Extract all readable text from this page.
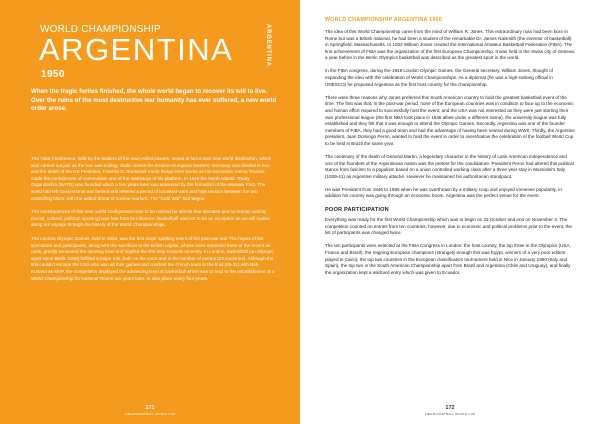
WORLD CHAMPIONSHIP
ARGENTINA
1950
ARGENTINA
When the tragic forties finished, the whole world began to recover its will to live. Over the ruins of the most destructive war humanity has ever suffered, a new world order arose.

The Yalta Conference, held by the leaders of the main Allied powers, meant in fact a tacit new world distribution, which was carried out just as the war was ending. Stalin closed the Eastern European borders; Germany was divided in two; and the death of the US President, Franklin D. Roosevelt made things even worse as his successor, Henry Truman made the containment of communism one of the mainstays of his platform. In 1949 the North Atlantic Treaty Organization (NATO) was founded which a few years later was answered by the formation of the Warsaw Pact. The world had left conventional war behind and entered a period of localised wars and high tension between the two controlling blocs, with the added threat of nuclear warfare. The "Cold War" had begun.

The consequences of this new, world configuration was to be noticed for almost four decades and no human activity (social, cultural, political, sporting) was free from its influence. Basketball was not to be an exception as we will realise along our voyage through the history of the World Championships.

The London Olympic Games, held in 1948, was the first major sporting event of the post-war era. The hopes of the spectators and participants, along with the sacrifices in the British capital, whose ruins reminded them of the recent air raids, greatly exceeded the sporting level and implied the first step towards recovery. In London, basketball (an Olympic sport since Berlin 1936) fulfilled a major role, both on the court and in the number of entries (23 countries). Although the title couldn't escape the USA who won all their games and crushed the French team in the final (65-21) with Bob Kurland as MVP, the competition displayed the advancing level of basketball which was to lead to the establishment of a World Championship for National Teams two years later, to take place every four years.

171
FIBA BASKETBALL WORLD CUP
WORLD CHAMPIONSHIP ARGENTINA 1950

The idea of this World Championship came from the mind of William R. Jones. This extraordinary man had been born in Rome but was a British national, he had been a student of the remarkable Dr. James Naismith (the inventor of basketball) in Springfield, Massachusetts. In 1932 William Jones created the International Amateur Basketball Federation (FIBA). The first achievement of FIBA was the organization of the first European Championship. It was held in the Swiss city of Geneva, a year before in the Berlin Olympics basketball was described as the greatest sport in the world.

In the FIBA congress, during the 1948 London Olympic Games, the General secretary, William Jones, thought of expanding the idea with the celebration of World Championships. As a diplomat (he was a high-ranking official in UNESCO) he proposed Argentina as the first host country for the championship.

There were three reasons why Jones preferred this South American country to hold the greatest basketball event of the time. The first was that, in the post-war period, none of the European countries was in condition to face up to the economic and human effort required to successfully host the event; and the USA was not interested as they were just starting their own professional league (the first NBA took place in 1946 albeit under a different name), the university league was fully established and they felt that it was enough to attend the Olympic Games. Secondly, Argentina was one of the founder members of FIBA, they had a good team and had the advantage of having been neutral during WWII. Thirdly, the Argentine president, Juan Domingo Peron, wanted to hold the event in order to overshadow the celebration of the football World Cup to be held in Brazil the same year.

The centenary of the death of General Martin, a legendary character in the history of Latin American independence and one of the founders of the Argentinean nation was the pretext for the candidature. President Peron had altered this political stance from fascism to a populism based on a union controlled working class after a three year stay in Mussolini's Italy (1939-41) as Argentine military attaché. However he maintained his authoritarian standpoint.

He was President from 1946 to 1955 when he was overthrown by a military coup and enjoyed immense popularity, in addition his country was going through an economic boom. Argentina was the perfect venue for the event.

POOR PARTICIPATION

Everything was ready for the first World Championship which was to begin on 22 October and end on November 3. The competition counted on entries from ten countries; however, due to economic and political problems prior to the event, the list of participants was changed twice.

The ten participants were selected at the FIBA Congress in London: the host country, the top three in the Olympics (USA, France and Brazil), the reigning European champions (strangely enough this was Egypt, winners of a very poor edition played in Cairo), the top two countries in the European classification tournament held in Nice in January 1950 (Italy and Spain), the top two in the South American Championship apart from Brazil and Argentina (Chile and Uruguay), and finally the organization kept a wildcard entry which was given to Ecuador.

172
FIBA BASKETBALL WORLD CUP
